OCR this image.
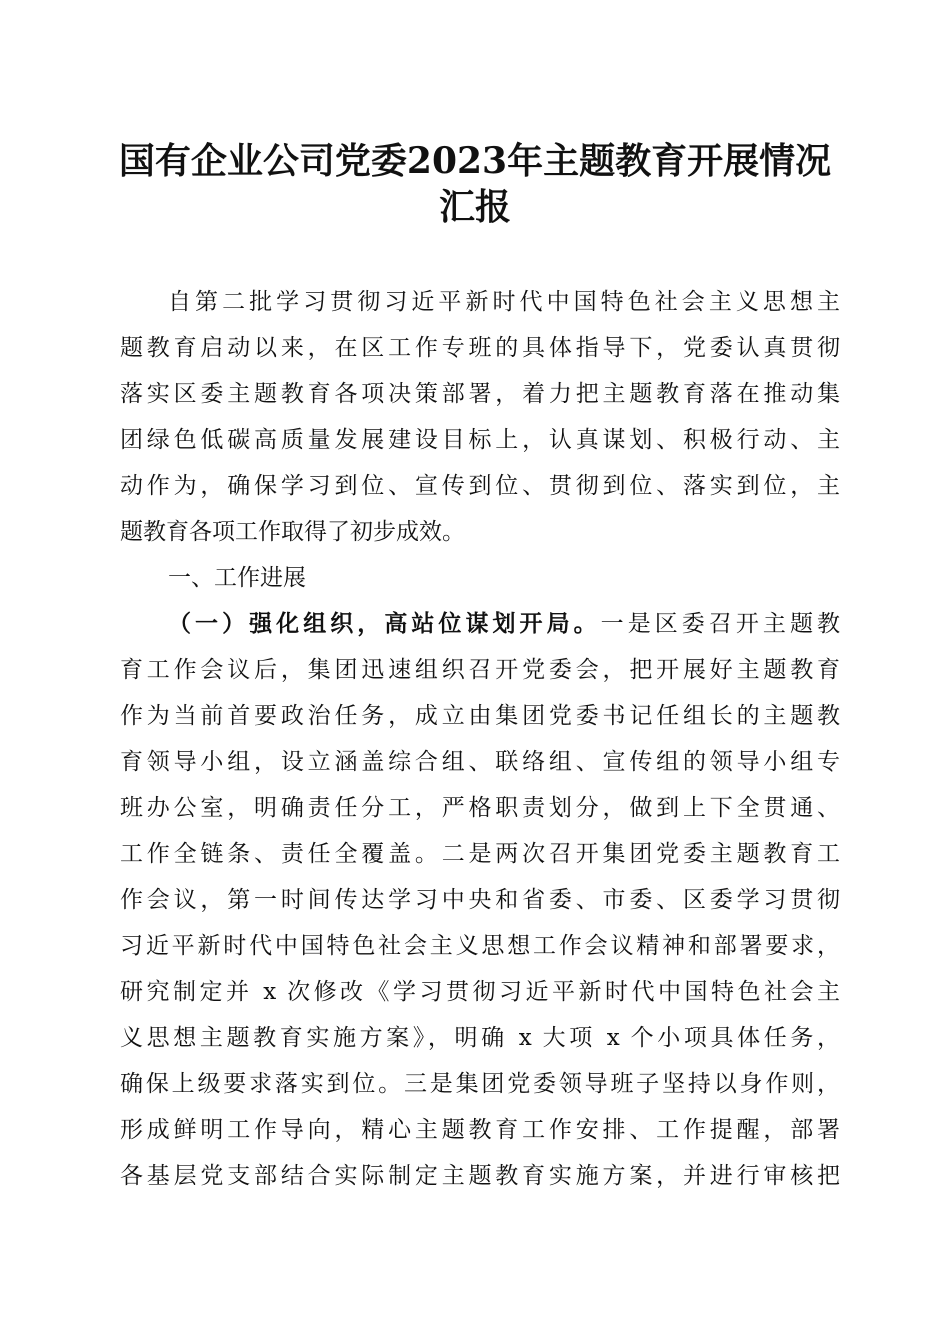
国有企业公司党委2023年主题教育开展情况
汇报
自第二批学习贯彻习近平新时代中国特色社会主义思想主
题教育启动以来，在区工作专班的具体指导下，党委认真贯彻
落实区委主题教育各项决策部署，着力把主题教育落在推动集
团绿色低碳高质量发展建设目标上，认真谋划、积极行动、主
动作为，确保学习到位、宣传到位、贯彻到位、落实到位，主
题教育各项工作取得了初步成效。
一、工作进展
（一）强化组织，高站位谋划开局。一是区委召开主题教
育工作会议后，集团迅速组织召开党委会，把开展好主题教育
作为当前首要政治任务，成立由集团党委书记任组长的主题教
育领导小组，设立涵盖综合组、联络组、宣传组的领导小组专
班办公室，明确责任分工，严格职责划分，做到上下全贯通、
工作全链条、责任全覆盖。二是两次召开集团党委主题教育工
作会议，第一时间传达学习中央和省委、市委、区委学习贯彻
习近平新时代中国特色社会主义思想工作会议精神和部署要求，
研究制定并 x 次修改《学习贯彻习近平新时代中国特色社会主
义思想主题教育实施方案》，明确 x 大项 x 个小项具体任务，
确保上级要求落实到位。三是集团党委领导班子坚持以身作则，
形成鲜明工作导向，精心主题教育工作安排、工作提醒，部署
各基层党支部结合实际制定主题教育实施方案，并进行审核把
